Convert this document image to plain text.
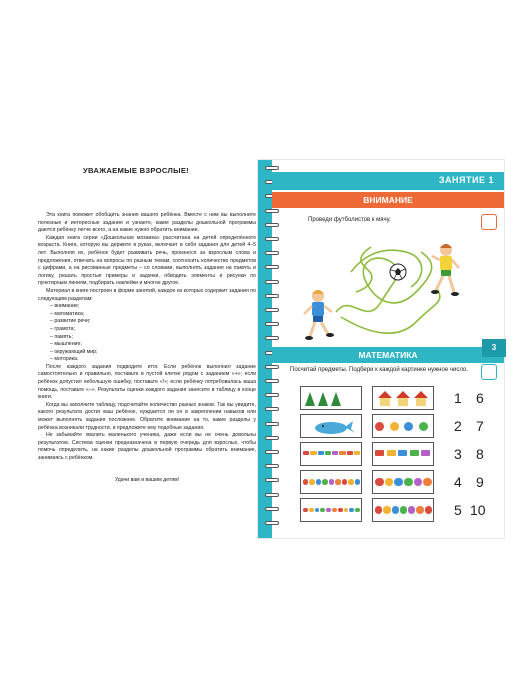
УВАЖАЕМЫЕ ВЗРОСЛЫЕ!

Эта книга поможет обобщить знания вашего ребёнка. Вместе с ним вы выполните полезные и интересные задания и узнаете, какие разделы дошкольной программы даются ребёнку легче всего, а на какие нужно обратить внимание.

Каждая книга серии «Дошкольная мозаика» рассчитана на детей определённого возраста. Книга, которую вы держите в руках, включает в себя задания для детей 4–5 лет. Выполняя их, ребёнок будет развивать речь, произнося за взрослым слова и предложения, отвечать на вопросы по разным темам, соотносить количество предметов с цифрами, а на рисованные предметы – со словами, выполнять задания на память и логику, решать простые примеры и задачки, обводить элементы и рисунки по пунктирным линиям, подбирать наклейки и многое другое.

Материал в книге построен в форме занятий, каждое из которых содержит задания по следующим разделам:

– внимание;
– математика;
– развитие речи;
– грамота;
– память;
– мышление;
– окружающий мир;
– моторика.

После каждого задания подводите итог. Если ребёнок выполнил задание самостоятельно и правильно, поставьте в пустой клетке рядом с заданием «+»; если ребёнок допустил небольшую ошибку, поставьте «!»; если ребёнку потребовалась ваша помощь, поставьте «–». Результаты оценки каждого задания занесите в таблицу в конце книги.

Когда вы заполните таблицу, подсчитайте количество разных знаков. Так вы увидите, какого результата достиг ваш ребёнок, нуждается ли он в закреплении навыков или может выполнять задания посложнее. Обратите внимание на то, какие разделы у ребёнка возникали трудности, и предложите ему подобные задания.

Не забывайте хвалить маленького ученика, даже если вы не очень довольны результатом. Система оценки предназначена в первую очередь для взрослых, чтобы помочь определить, на какие разделы дошкольной программы обратить внимание, занимаясь с ребёнком.

Удачи вам и вашим детям!

ЗАНЯТИЕ 1
ВНИМАНИЕ
Проведи футболистов к мячу.
МАТЕМАТИКА
3
Посчитай предметы. Подбери к каждой картинке нужное число.
1
2
3
4
5
6
7
8
9
10
